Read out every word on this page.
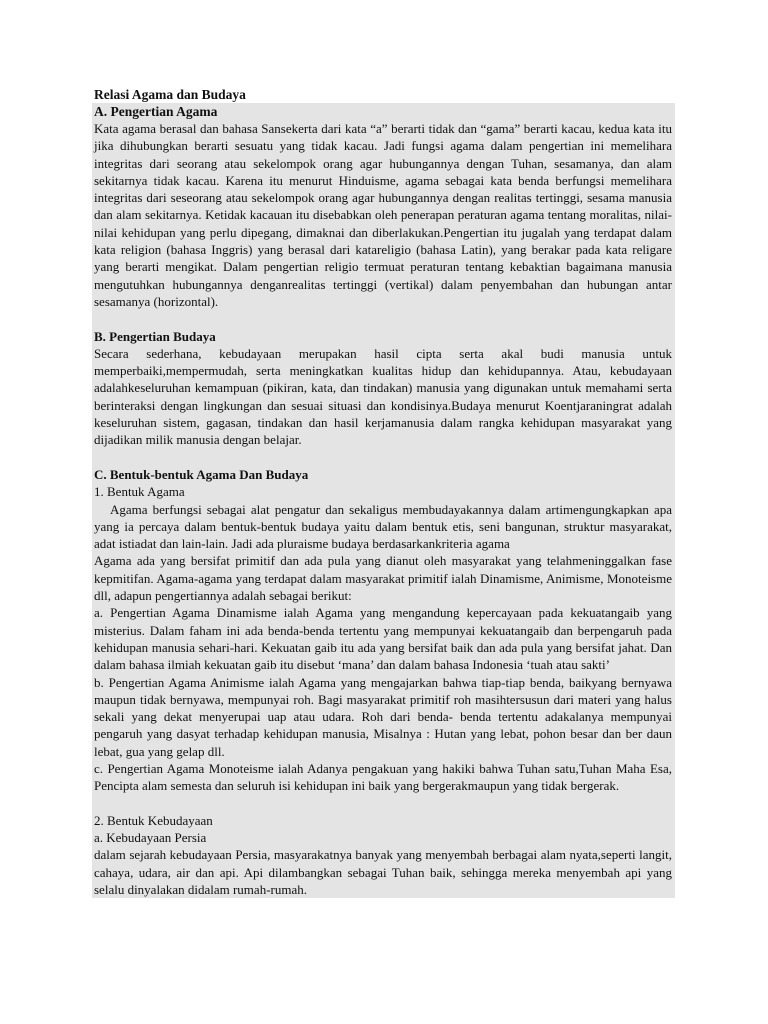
Relasi Agama dan Budaya
A. Pengertian Agama

Kata agama berasal dan bahasa Sansekerta dari kata “a” berarti tidak dan “gama” berarti kacau, kedua kata itu jika dihubungkan berarti sesuatu yang tidak kacau. Jadi fungsi agama dalam pengertian ini memelihara integritas dari seorang atau sekelompok orang agar hubungannya dengan Tuhan, sesamanya, dan alam sekitarnya tidak kacau. Karena itu menurut Hinduisme, agama sebagai kata benda berfungsi memelihara integritas dari seseorang atau sekelompok orang agar hubungannya dengan realitas tertinggi, sesama manusia dan alam sekitarnya. Ketidak kacauan itu disebabkan oleh penerapan peraturan agama tentang moralitas, nilai-nilai kehidupan yang perlu dipegang, dimaknai dan diberlakukan.Pengertian itu jugalah yang terdapat dalam kata religion (bahasa Inggris) yang berasal dari katareligio (bahasa Latin), yang berakar pada kata religare yang berarti mengikat. Dalam pengertian religio termuat peraturan tentang kebaktian bagaimana manusia mengutuhkan hubungannya denganrealitas tertinggi (vertikal) dalam penyembahan dan hubungan antar sesamanya (horizontal).

B. Pengertian Budaya

Secara sederhana, kebudayaan merupakan hasil cipta serta akal budi manusia untuk memperbaiki,mempermudah, serta meningkatkan kualitas hidup dan kehidupannya. Atau, kebudayaan adalahkeseluruhan kemampuan (pikiran, kata, dan tindakan) manusia yang digunakan untuk memahami serta berinteraksi dengan lingkungan dan sesuai situasi dan kondisinya.Budaya menurut Koentjaraningrat adalah keseluruhan sistem, gagasan, tindakan dan hasil kerjamanusia dalam rangka kehidupan masyarakat yang dijadikan milik manusia dengan belajar.

C. Bentuk-bentuk Agama Dan Budaya

1. Bentuk Agama

Agama berfungsi sebagai alat pengatur dan sekaligus membudayakannya dalam artimengungkapkan apa yang ia percaya dalam bentuk-bentuk budaya yaitu dalam bentuk etis, seni bangunan, struktur masyarakat, adat istiadat dan lain-lain. Jadi ada pluraisme budaya berdasarkankriteria agama

Agama ada yang bersifat primitif dan ada pula yang dianut oleh masyarakat yang telahmeninggalkan fase kepmitifan. Agama-agama yang terdapat dalam masyarakat primitif ialah Dinamisme, Animisme, Monoteisme dll, adapun pengertiannya adalah sebagai berikut:

a. Pengertian Agama Dinamisme ialah Agama yang mengandung kepercayaan pada kekuatangaib yang misterius. Dalam faham ini ada benda-benda tertentu yang mempunyai kekuatangaib dan berpengaruh pada kehidupan manusia sehari-hari. Kekuatan gaib itu ada yang bersifat baik dan ada pula yang bersifat jahat. Dan dalam bahasa ilmiah kekuatan gaib itu disebut ‘mana’ dan dalam bahasa Indonesia ‘tuah atau sakti’

b. Pengertian Agama Animisme ialah Agama yang mengajarkan bahwa tiap-tiap benda, baikyang bernyawa maupun tidak bernyawa, mempunyai roh. Bagi masyarakat primitif roh masihtersusun dari materi yang halus sekali yang dekat menyerupai uap atau udara. Roh dari benda- benda tertentu adakalanya mempunyai pengaruh yang dasyat terhadap kehidupan manusia, Misalnya : Hutan yang lebat, pohon besar dan ber daun lebat, gua yang gelap dll.

c. Pengertian Agama Monoteisme ialah Adanya pengakuan yang hakiki bahwa Tuhan satu,Tuhan Maha Esa, Pencipta alam semesta dan seluruh isi kehidupan ini baik yang bergerakmaupun yang tidak bergerak.

2. Bentuk Kebudayaan

a. Kebudayaan Persia

dalam sejarah kebudayaan Persia, masyarakatnya banyak yang menyembah berbagai alam nyata,seperti langit, cahaya, udara, air dan api. Api dilambangkan sebagai Tuhan baik, sehingga mereka menyembah api yang selalu dinyalakan didalam rumah-rumah.
